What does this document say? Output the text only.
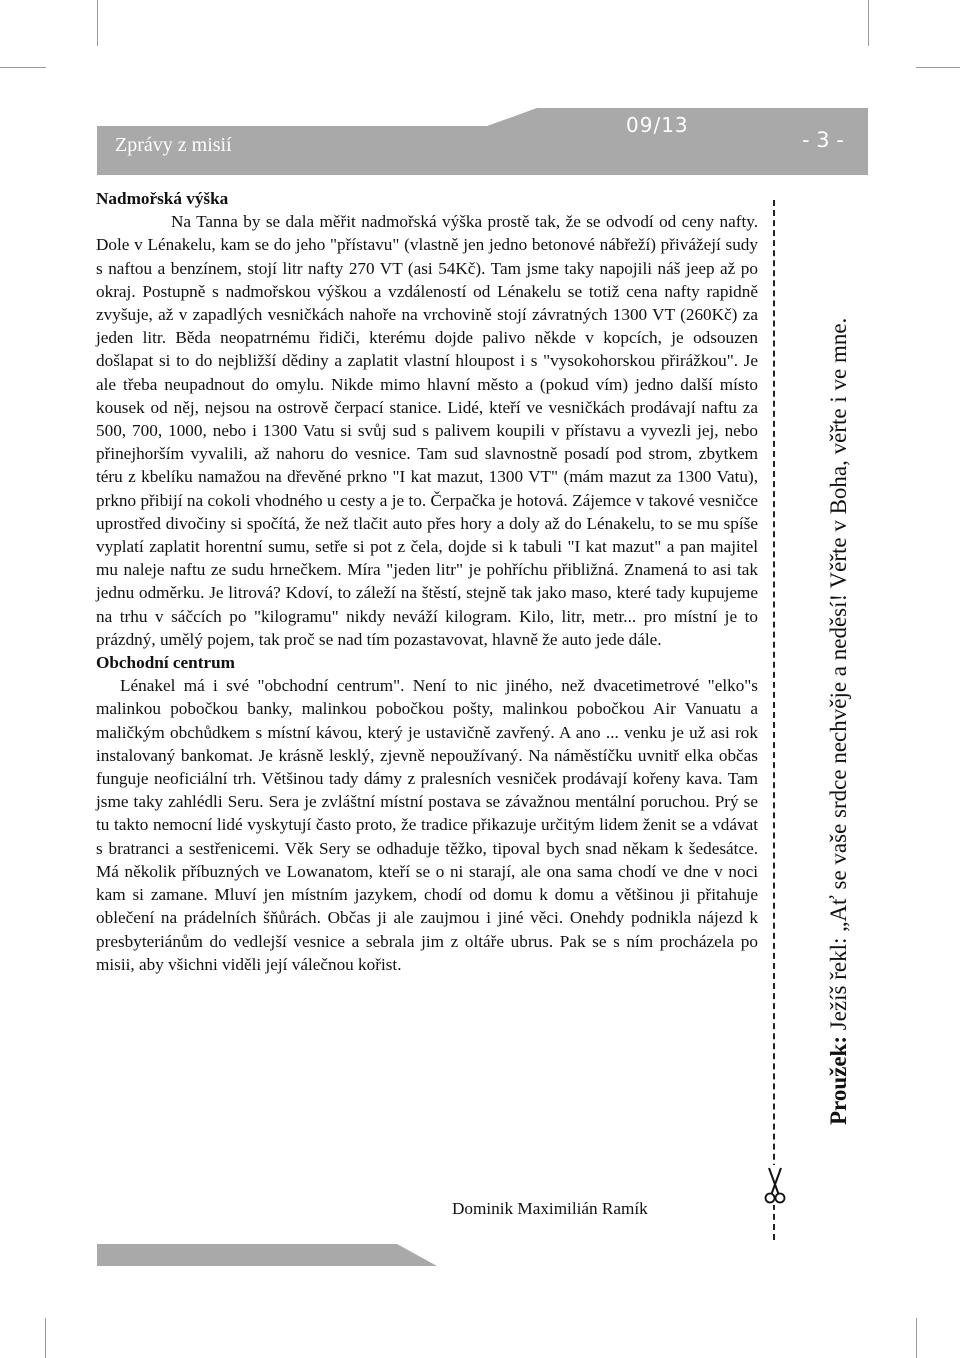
Zprávy z misií
09/13
- 3 -
Nadmořská výška

Na Tanna by se dala měřit nadmořská výška prostě tak, že se odvodí od ceny nafty. Dole v Lénakelu, kam se do jeho "přístavu" (vlastně jen jedno betonové nábřeží) přivážejí sudy s naftou a benzínem, stojí litr nafty 270 VT (asi 54Kč). Tam jsme taky napojili náš jeep až po okraj. Postupně s nadmořskou výškou a vzdáleností od Lénakelu se totiž cena nafty rapidně zvyšuje, až v zapadlých vesničkách nahoře na vrchovině stojí závratných 1300 VT (260Kč) za jeden litr. Běda neopatrnému řidiči, kterému dojde palivo někde v kopcích, je odsouzen došlapat si to do nejbližší dědiny a zaplatit vlastní hloupost i s "vysokohorskou přirážkou". Je ale třeba neupadnout do omylu. Nikde mimo hlavní město a (pokud vím) jedno další místo kousek od něj, nejsou na ostrově čerpací stanice. Lidé, kteří ve vesničkách prodávají naftu za 500, 700, 1000, nebo i 1300 Vatu si svůj sud s palivem koupili v přístavu a vyvezli jej, nebo přinejhorším vyvalili, až nahoru do vesnice. Tam sud slavnostně posadí pod strom, zbytkem téru z kbelíku namažou na dřevěné prkno "I kat mazut, 1300 VT" (mám mazut za 1300 Vatu), prkno přibijí na cokoli vhodného u cesty a je to. Čerpačka je hotová. Zájemce v takové vesničce uprostřed divočiny si spočítá, že než tlačit auto přes hory a doly až do Lénakelu, to se mu spíše vyplatí zaplatit horentní sumu, setře si pot z čela, dojde si k tabuli "I kat mazut" a pan majitel mu naleje naftu ze sudu hrnečkem. Míra "jeden litr" je pohříchu přibližná. Znamená to asi tak jednu odměrku. Je litrová? Kdoví, to záleží na štěstí, stejně tak jako maso, které tady kupujeme na trhu v sáčcích po "kilogramu" nikdy neváží kilogram. Kilo, litr, metr... pro místní je to prázdný, umělý pojem, tak proč se nad tím pozastavovat, hlavně že auto jede dále.

Obchodní centrum

Lénakel má i své "obchodní centrum". Není to nic jiného, než dvacetimetrové "elko"s malinkou pobočkou banky, malinkou pobočkou pošty, malinkou pobočkou Air Vanuatu a maličkým obchůdkem s místní kávou, který je ustavičně zavřený. A ano ... venku je už asi rok instalovaný bankomat. Je krásně lesklý, zjevně nepoužívaný. Na náměstíčku uvnitř elka občas funguje neoficiální trh. Většinou tady dámy z pralesních vesniček prodávají kořeny kava. Tam jsme taky zahlédli Seru. Sera je zvláštní místní postava se závažnou mentální poruchou. Prý se tu takto nemocní lidé vyskytují často proto, že tradice přikazuje určitým lidem ženit se a vdávat s bratranci a sestřenicemi. Věk Sery se odhaduje těžko, tipoval bych snad někam k šedesátce. Má několik příbuzných ve Lowanatom, kteří se o ni starají, ale ona sama chodí ve dne v noci kam si zamane. Mluví jen místním jazykem, chodí od domu k domu a většinou ji přitahuje oblečení na prádelních šňůrách. Občas ji ale zaujmou i jiné věci. Onehdy podnikla nájezd k presbyteriánům do vedlejší vesnice a sebrala jim z oltáře ubrus. Pak se s ním procházela po misii, aby všichni viděli její válečnou kořist.

Dominik Maximilián Ramík
Proužek: Ježíš řekl: „Ať se vaše srdce nechvěje a neděsí! Věřte v Boha, věřte i ve mne.
